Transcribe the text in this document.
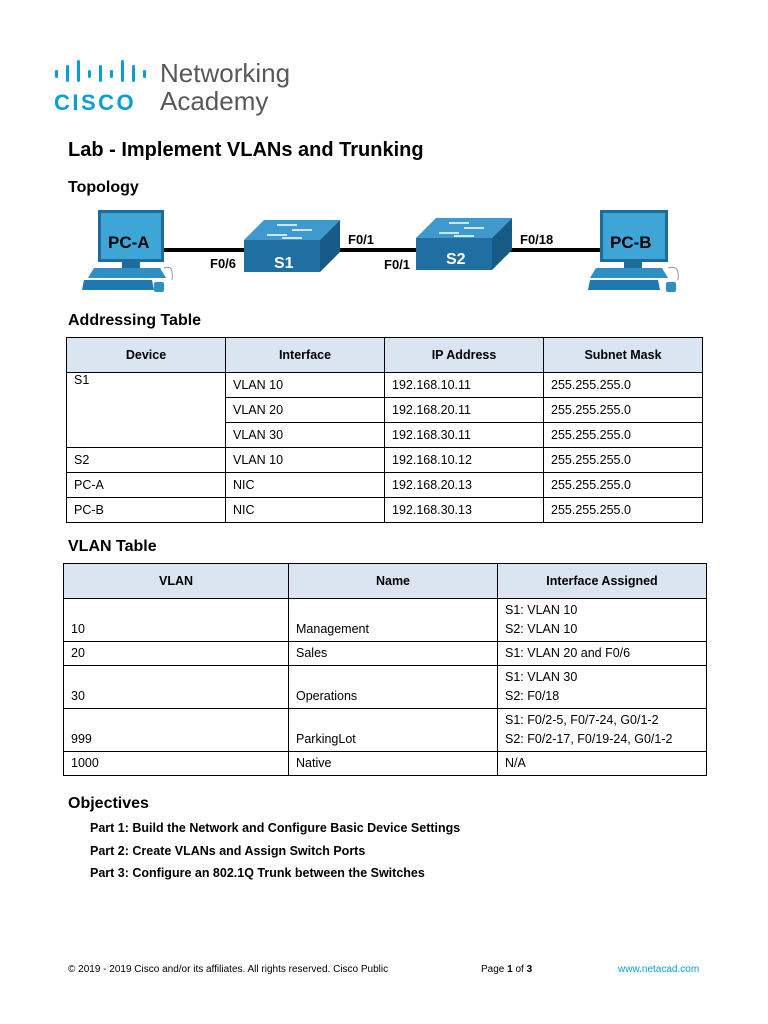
CISCO
Networking
Academy
Lab - Implement VLANs and Trunking
Topology
PC-A
S1	S2
PC-B
F0/6
F0/1
F0/1
F0/18
Addressing Table
Device	Interface	IP Address	Subnet Mask
S1	VLAN 10	192.168.10.11	255.255.255.0
	VLAN 20	192.168.20.11	255.255.255.0
	VLAN 30	192.168.30.11	255.255.255.0
S2	VLAN 10	192.168.10.12	255.255.255.0
PC-A	NIC	192.168.20.13	255.255.255.0
PC-B	NIC	192.168.30.13	255.255.255.0
VLAN Table
VLAN	Name	Interface Assigned
10	Management	S1: VLAN 10
S2: VLAN 10

20	Sales	S1: VLAN 20 and F0/6

30	Operations	S1: VLAN 30
S2: F0/18

999	ParkingLot	S1: F0/2-5, F0/7-24, G0/1-2
S2: F0/2-17, F0/19-24, G0/1-2

1000	Native	N/A
Objectives
Part 1: Build the Network and Configure Basic Device Settings
Part 2: Create VLANs and Assign Switch Ports
Part 3: Configure an 802.1Q Trunk between the Switches
© 2019 - 2019 Cisco and/or its affiliates. All rights reserved. Cisco Public	Page 1 of 3	www.netacad.com
